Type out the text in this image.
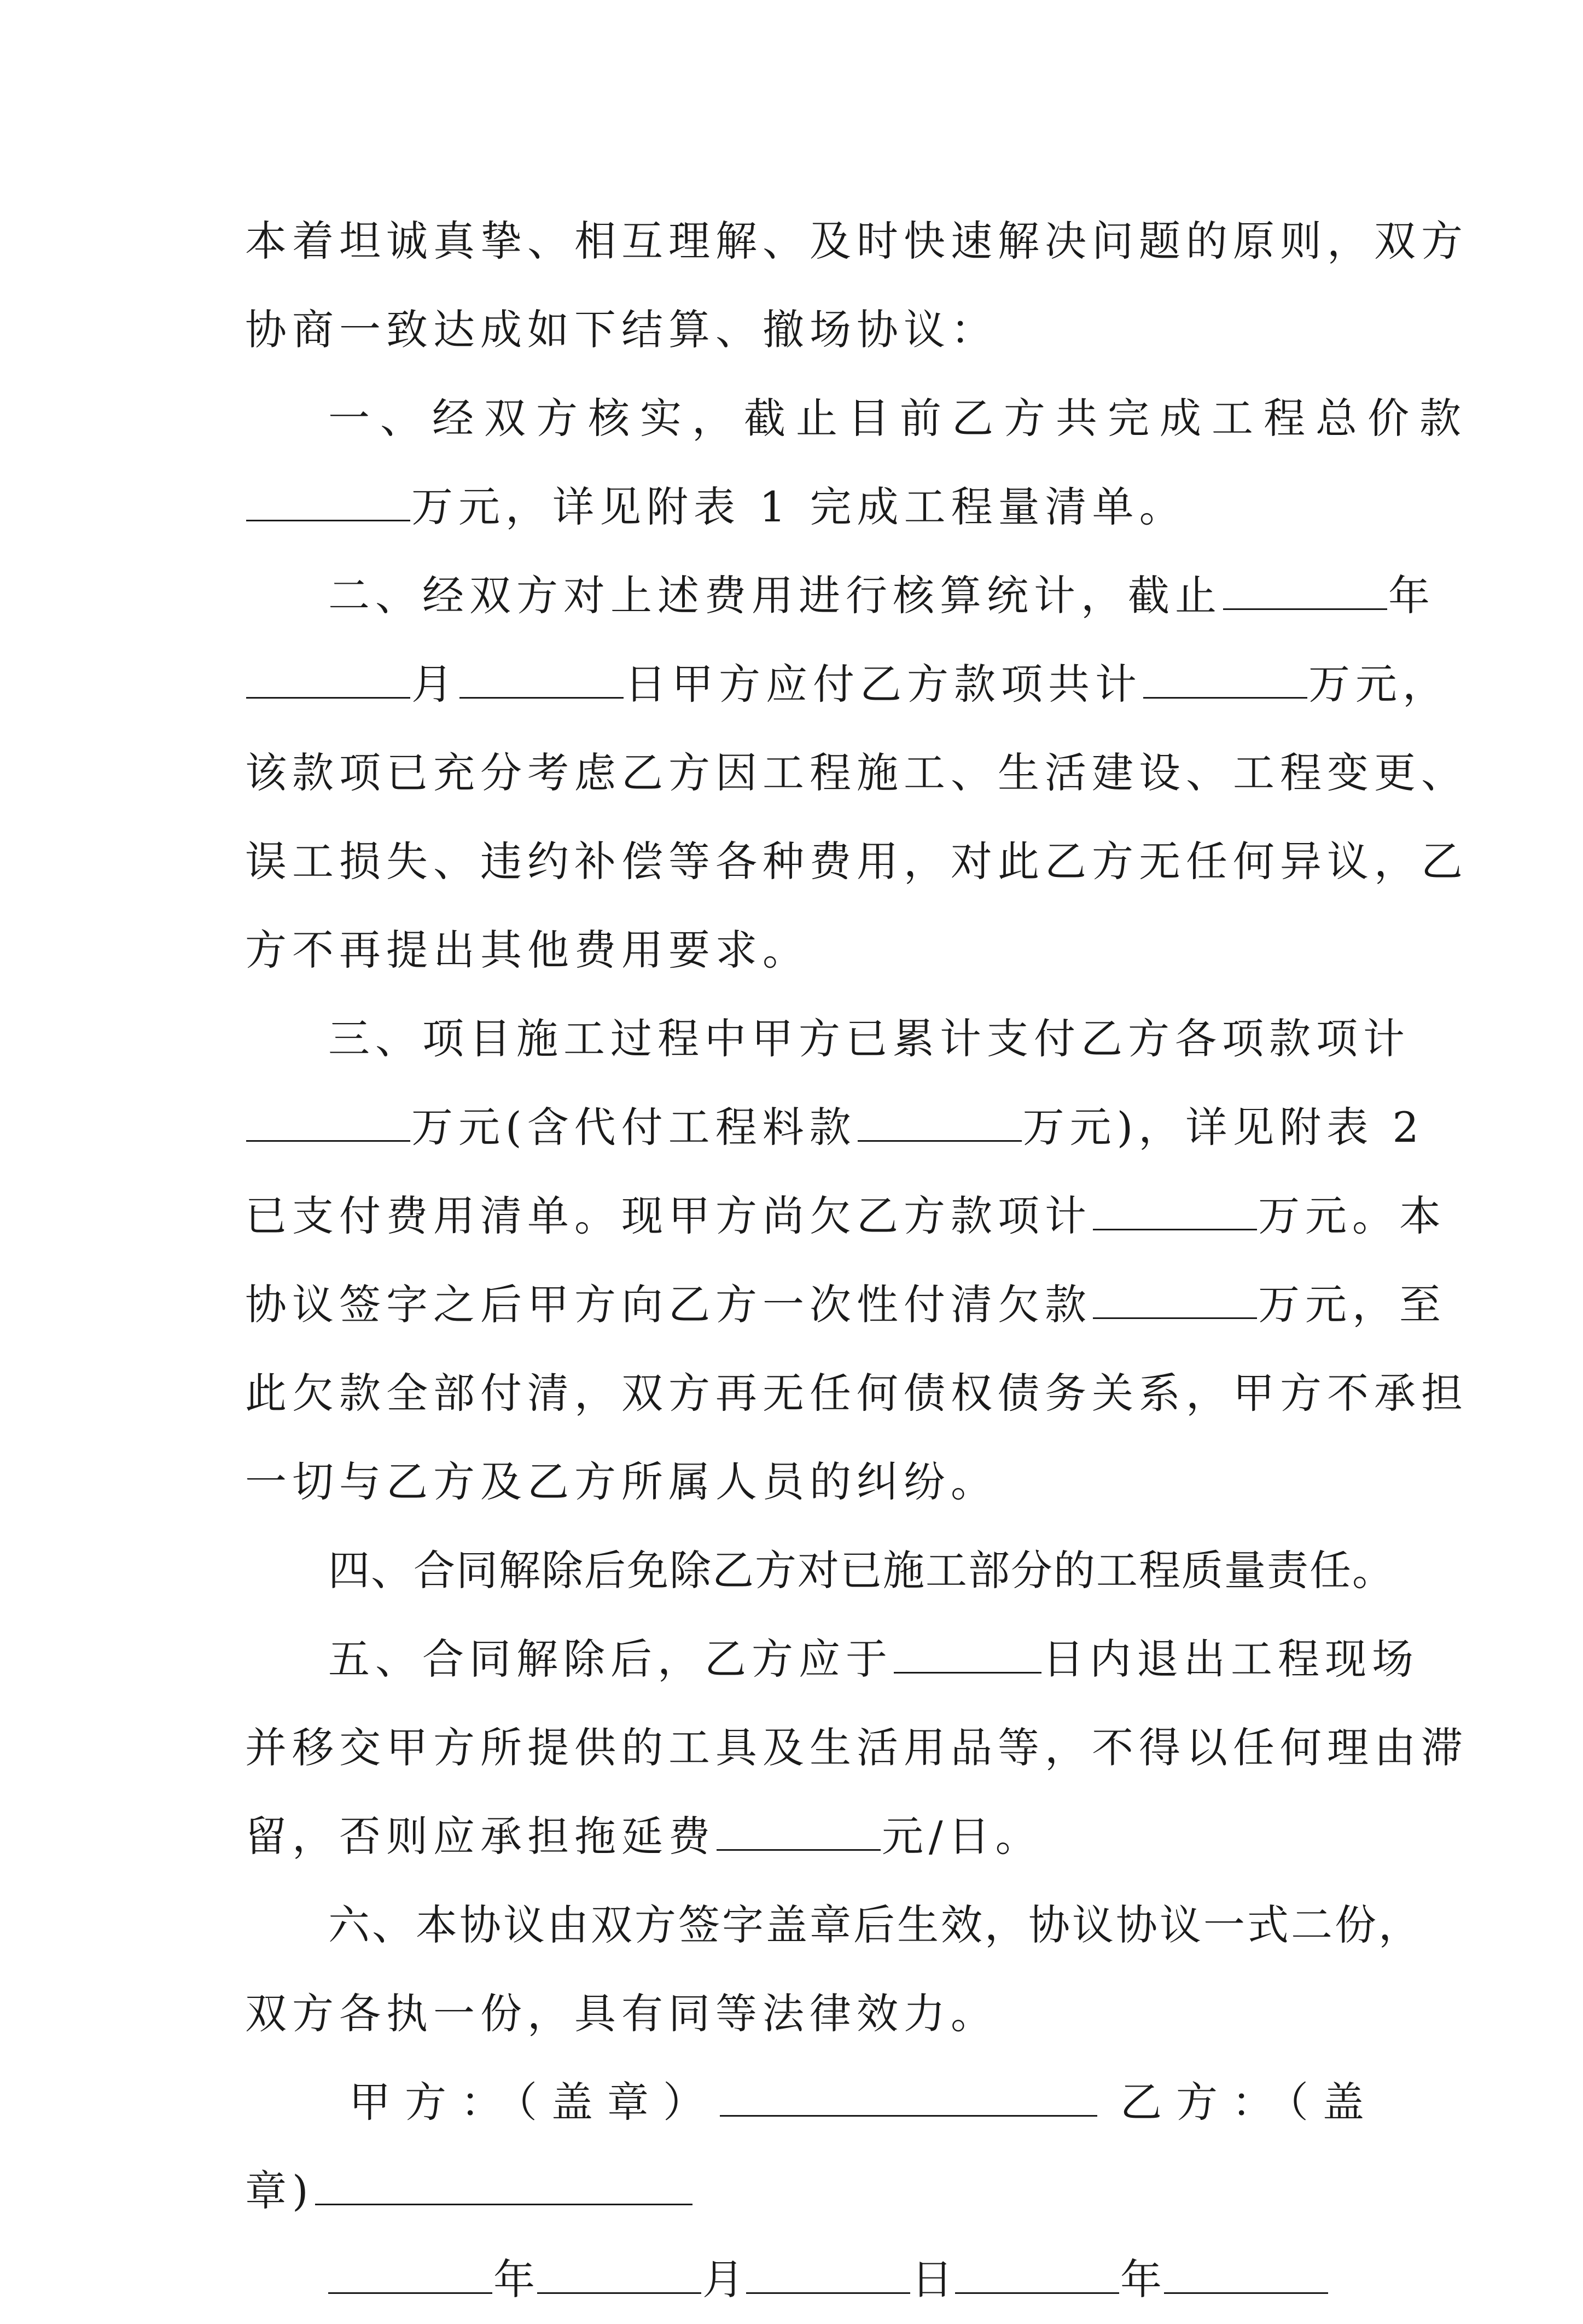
本着坦诚真挚、相互理解、及时快速解决问题的原则，双方
协商一致达成如下结算、撤场协议：
一、经双方核实，截止目前乙方共完成工程总价款
万元，详见附表 1 完成工程量清单。
二、经双方对上述费用进行核算统计，截止	年
月	日甲方应付乙方款项共计	万元，
该款项已充分考虑乙方因工程施工、生活建设、工程变更、
误工损失、违约补偿等各种费用，对此乙方无任何异议，乙
方不再提出其他费用要求。
三、项目施工过程中甲方已累计支付乙方各项款项计
万元(含代付工程料款	万元)，详见附表 2
已支付费用清单。现甲方尚欠乙方款项计	万元。本
协议签字之后甲方向乙方一次性付清欠款	万元，至
此欠款全部付清，双方再无任何债权债务关系，甲方不承担
一切与乙方及乙方所属人员的纠纷。
四、合同解除后免除乙方对已施工部分的工程质量责任。
五、合同解除后，乙方应于	日内退出工程现场
并移交甲方所提供的工具及生活用品等，不得以任何理由滞
留，否则应承担拖延费	元/日。
六、本协议由双方签字盖章后生效，协议协议一式二份，
双方各执一份，具有同等法律效力。
甲方：（盖章）	乙方：（盖
章)
年	月	日	年
